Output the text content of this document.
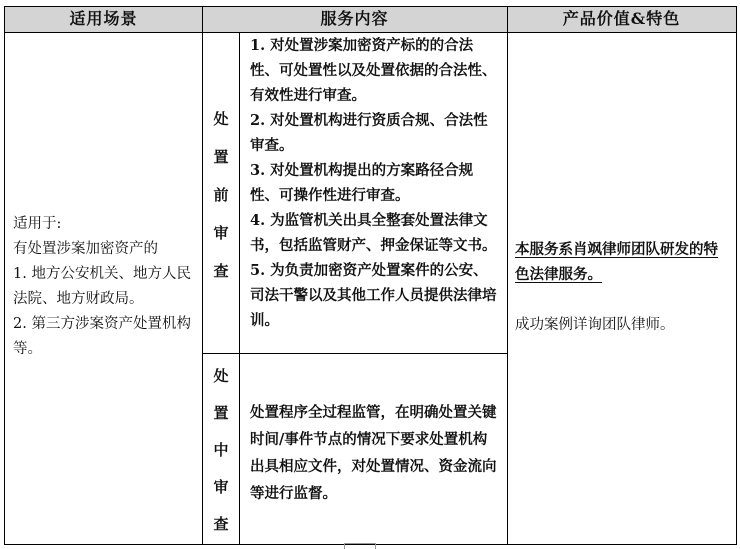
适用场景	服务内容	产品价值&特色
适用于:
有处置涉案加密资产的
1. 地方公安机关、地方人民法院、地方财政局。
2. 第三方涉案资产处置机构等。
处
置
前
审
查
1. 对处置涉案加密资产标的的合法性、可处置性以及处置依据的合法性、有效性进行审查。
2. 对处置机构进行资质合规、合法性审查。
3. 对处置机构提出的方案路径合规性、可操作性进行审查。
4. 为监管机关出具全整套处置法律文书，包括监管财产、押金保证等文书。
5. 为负责加密资产处置案件的公安、司法干警以及其他工作人员提供法律培训。
处
置
中
审
查
处置程序全过程监管，在明确处置关键时间/事件节点的情况下要求处置机构出具相应文件，对处置情况、资金流向等进行监督。
本服务系肖飒律师团队研发的特色法律服务。
成功案例详询团队律师。
